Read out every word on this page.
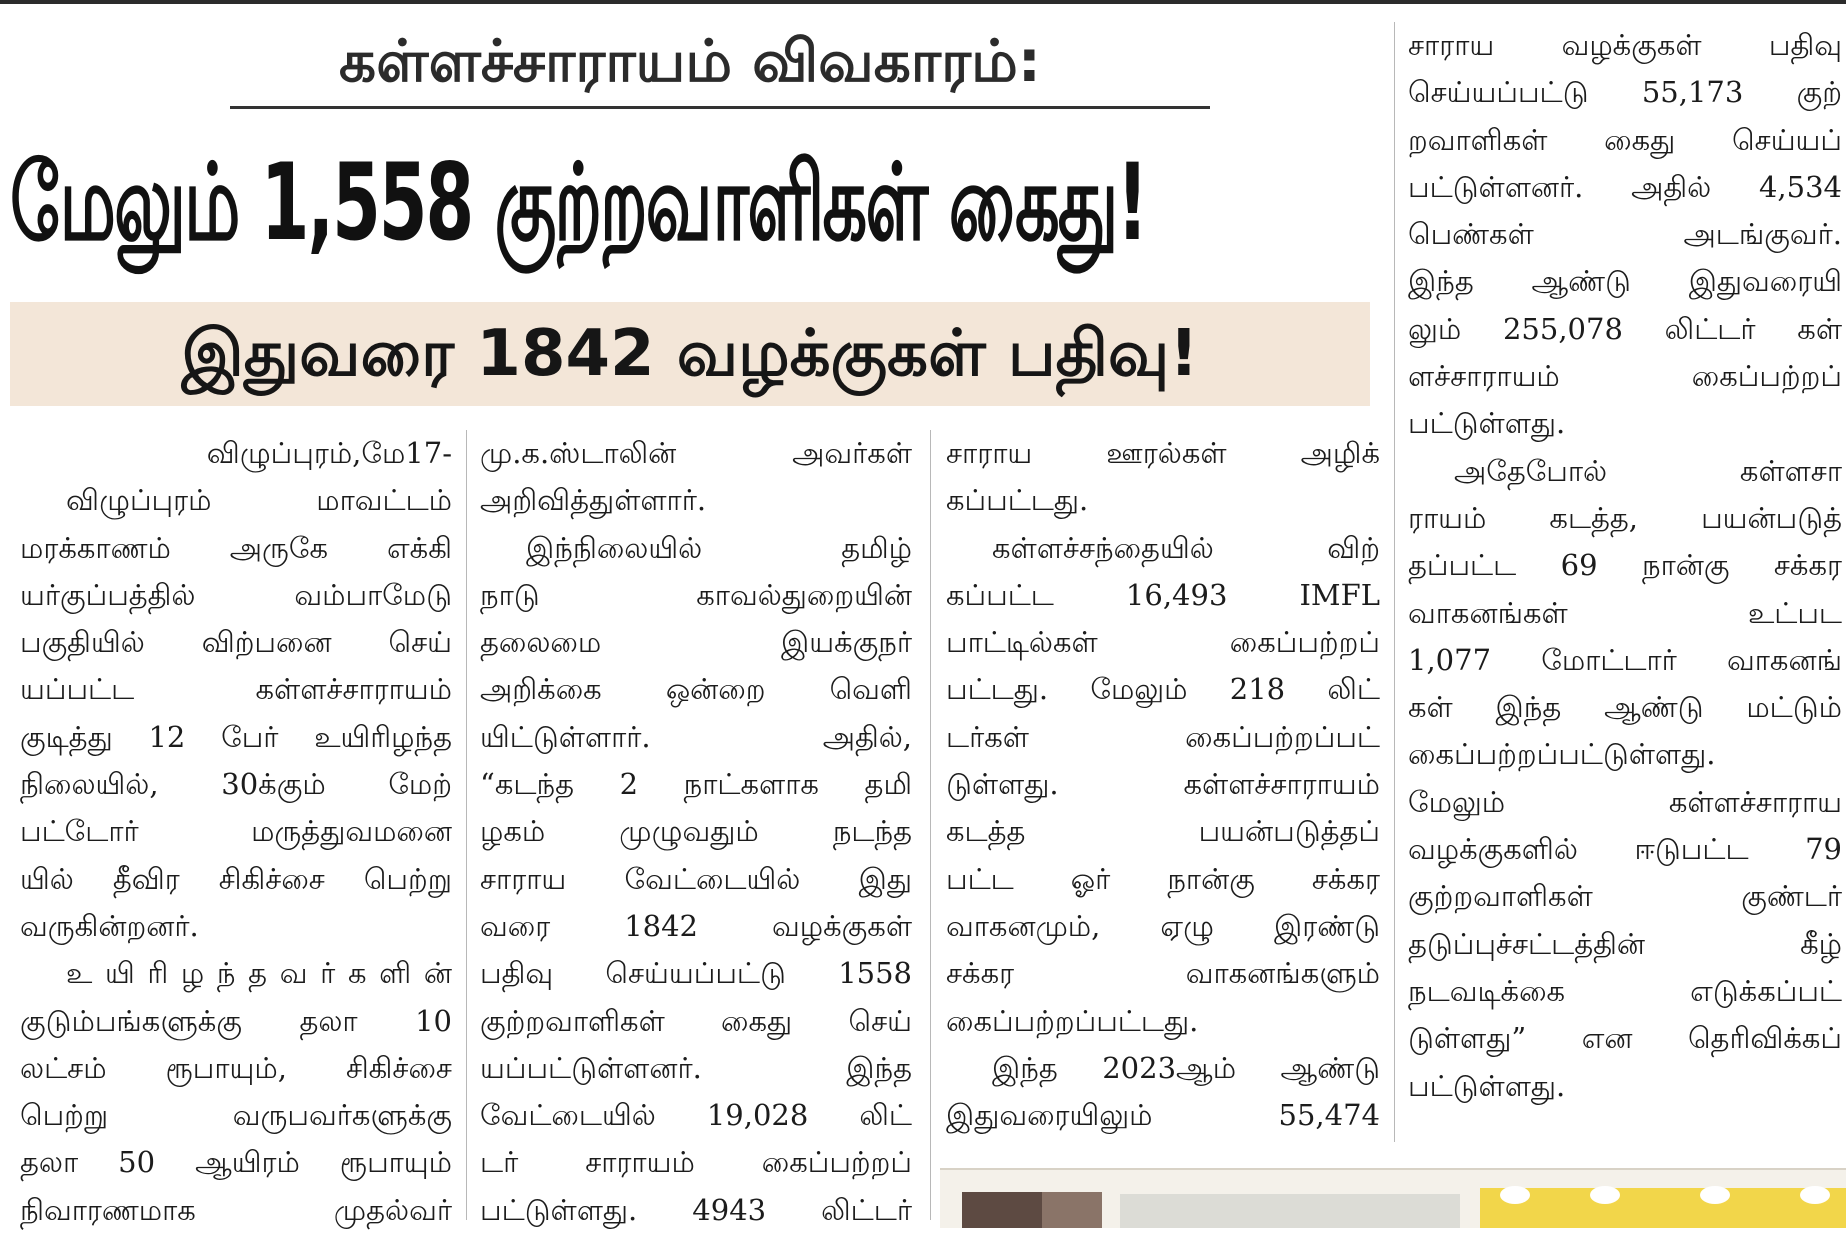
கள்ளச்சாராயம் விவகாரம்:
மேலும் 1,558 குற்றவாளிகள் கைது!
இதுவரை 1842 வழக்குகள் பதிவு!
விழுப்புரம்,மே17-
விழுப்புரம் மாவட்டம்
மரக்காணம் அருகே எக்கி
யர்குப்பத்தில் வம்பாமேடு
பகுதியில் விற்பனை செய்
யப்பட்ட கள்ளச்சாராயம்
குடித்து 12 பேர் உயிரிழந்த
நிலையில், 30க்கும் மேற்
பட்டோர் மருத்துவமனை
யில் தீவிர சிகிச்சை பெற்று
வருகின்றனர்.
உ யி ரி ழ ந் த வ ர் க ளி ன்
குடும்பங்களுக்கு தலா 10
லட்சம் ரூபாயும், சிகிச்சை
பெற்று வருபவர்களுக்கு
தலா 50 ஆயிரம் ரூபாயும்
நிவாரணமாக முதல்வர்
மு.க.ஸ்டாலின் அவர்கள்
அறிவித்துள்ளார்.
இந்நிலையில் தமிழ்
நாடு காவல்துறையின்
தலைமை இயக்குநர்
அறிக்கை ஒன்றை வெளி
யிட்டுள்ளார். அதில்,
“கடந்த 2 நாட்களாக தமி
ழகம் முழுவதும் நடந்த
சாராய வேட்டையில் இது
வரை 1842 வழக்குகள்
பதிவு செய்யப்பட்டு 1558
குற்றவாளிகள் கைது செய்
யப்பட்டுள்ளனர். இந்த
வேட்டையில் 19,028 லிட்
டர் சாராயம் கைப்பற்றப்
பட்டுள்ளது. 4943 லிட்டர்
சாராய ஊரல்கள் அழிக்
கப்பட்டது.
கள்ளச்சந்தையில் விற்
கப்பட்ட 16,493 IMFL
பாட்டில்கள் கைப்பற்றப்
பட்டது. மேலும் 218 லிட்
டர்கள் கைப்பற்றப்பட்
டுள்ளது. கள்ளச்சாராயம்
கடத்த பயன்படுத்தப்
பட்ட ஓர் நான்கு சக்கர
வாகனமும், ஏழு இரண்டு
சக்கர வாகனங்களும்
கைப்பற்றப்பட்டது.
இந்த 2023ஆம் ஆண்டு
இதுவரையிலும் 55,474
சாராய வழக்குகள் பதிவு
செய்யப்பட்டு 55,173 குற்
றவாளிகள் கைது செய்யப்
பட்டுள்ளனர். அதில் 4,534
பெண்கள் அடங்குவர்.
இந்த ஆண்டு இதுவரையி
லும் 255,078 லிட்டர் கள்
ளச்சாராயம் கைப்பற்றப்
பட்டுள்ளது.
அதேபோல் கள்ளசா
ராயம் கடத்த, பயன்படுத்
தப்பட்ட 69 நான்கு சக்கர
வாகனங்கள் உட்பட
1,077 மோட்டார் வாகனங்
கள் இந்த ஆண்டு மட்டும்
கைப்பற்றப்பட்டுள்ளது.
மேலும் கள்ளச்சாராய
வழக்குகளில் ஈடுபட்ட 79
குற்றவாளிகள் குண்டர்
தடுப்புச்சட்டத்தின் கீழ்
நடவடிக்கை எடுக்கப்பட்
டுள்ளது” என தெரிவிக்கப்
பட்டுள்ளது.
